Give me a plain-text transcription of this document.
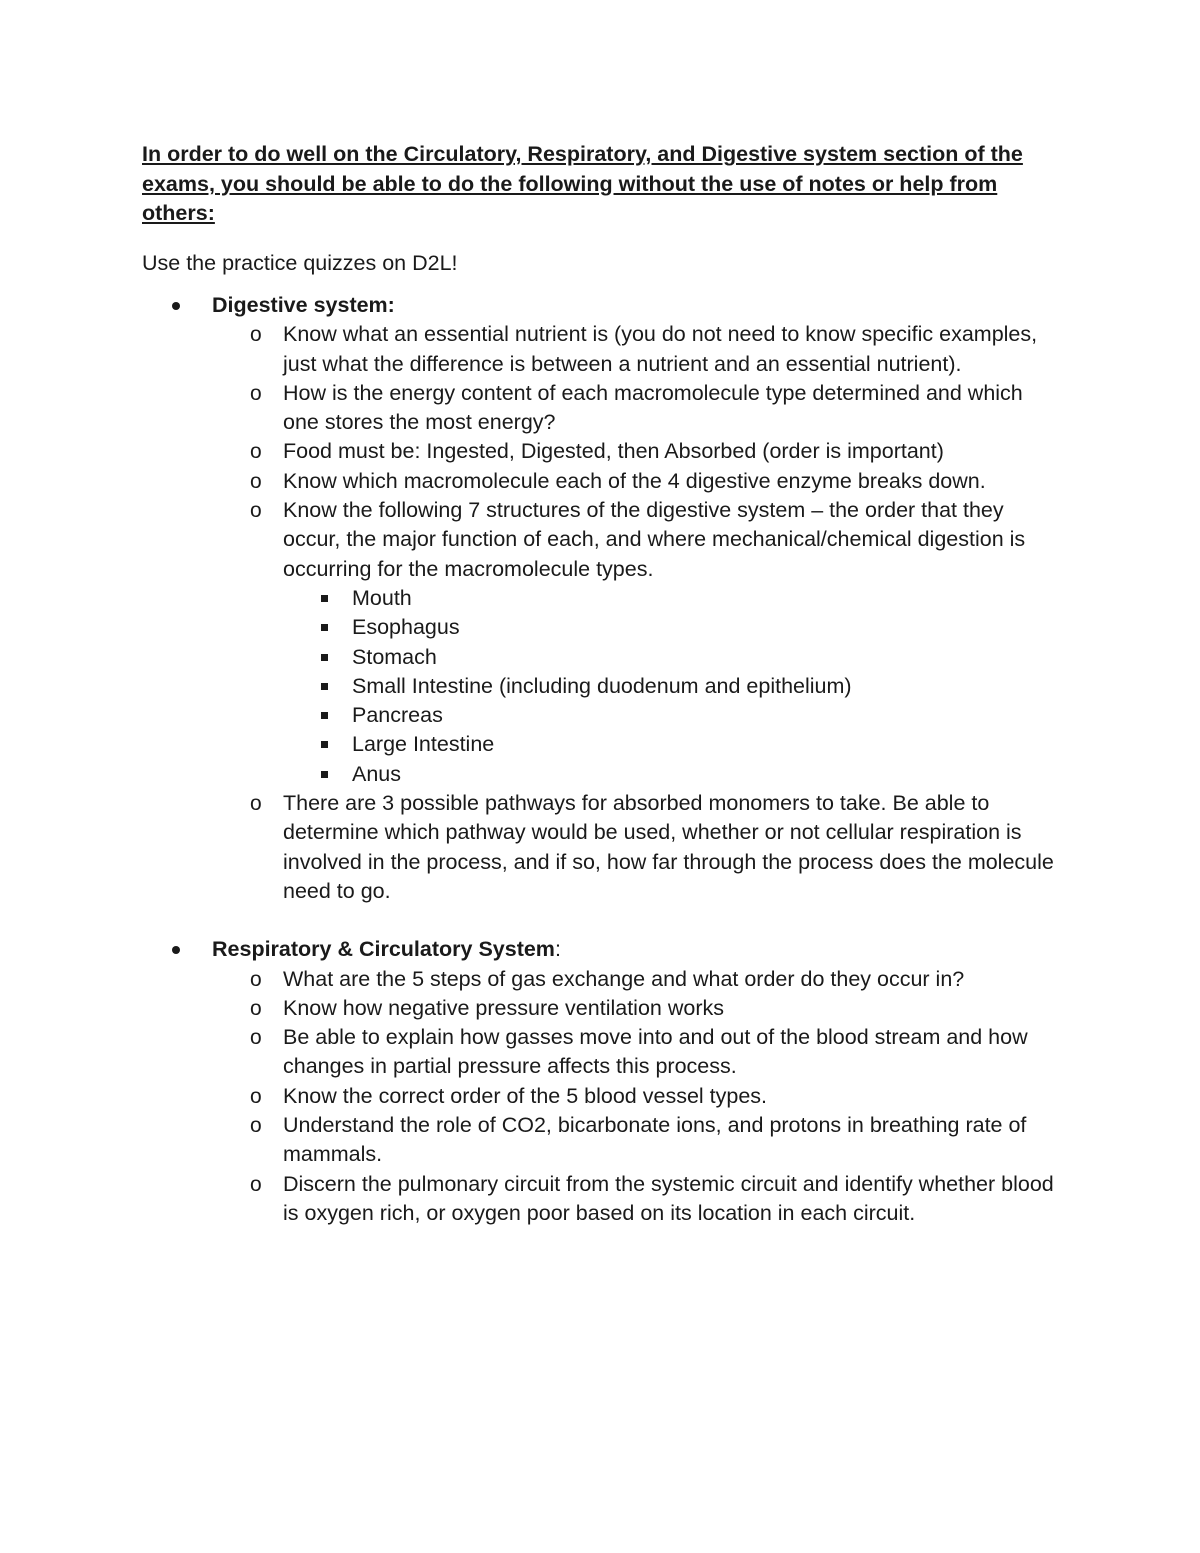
In order to do well on the Circulatory, Respiratory, and Digestive system section of the exams, you should be able to do the following without the use of notes or help from others:

Use the practice quizzes on D2L!

Digestive system:
o Know what an essential nutrient is (you do not need to know specific examples, just what the difference is between a nutrient and an essential nutrient).
o How is the energy content of each macromolecule type determined and which one stores the most energy?
o Food must be: Ingested, Digested, then Absorbed (order is important)
o Know which macromolecule each of the 4 digestive enzyme breaks down.
o Know the following 7 structures of the digestive system – the order that they occur, the major function of each, and where mechanical/chemical digestion is occurring for the macromolecule types.
Mouth
Esophagus
Stomach
Small Intestine (including duodenum and epithelium)
Pancreas
Large Intestine
Anus
o There are 3 possible pathways for absorbed monomers to take. Be able to determine which pathway would be used, whether or not cellular respiration is involved in the process, and if so, how far through the process does the molecule need to go.
Respiratory & Circulatory System:
o What are the 5 steps of gas exchange and what order do they occur in?
o Know how negative pressure ventilation works
o Be able to explain how gasses move into and out of the blood stream and how changes in partial pressure affects this process.
o Know the correct order of the 5 blood vessel types.
o Understand the role of CO2, bicarbonate ions, and protons in breathing rate of mammals.
o Discern the pulmonary circuit from the systemic circuit and identify whether blood is oxygen rich, or oxygen poor based on its location in each circuit.
